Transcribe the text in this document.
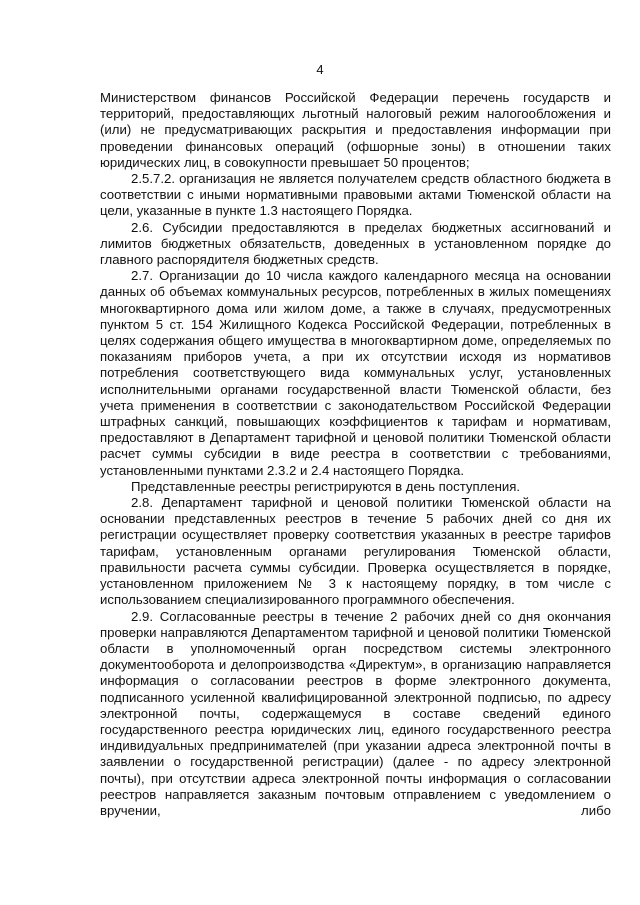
4

Министерством финансов Российской Федерации перечень государств и территорий, предоставляющих льготный налоговый режим налогообложения и (или) не предусматривающих раскрытия и предоставления информации при проведении финансовых операций (офшорные зоны) в отношении таких юридических лиц, в совокупности превышает 50 процентов;

2.5.7.2. организация не является получателем средств областного бюджета в соответствии с иными нормативными правовыми актами Тюменской области на цели, указанные в пункте 1.3 настоящего Порядка.

2.6. Субсидии предоставляются в пределах бюджетных ассигнований и лимитов бюджетных обязательств, доведенных в установленном порядке до главного распорядителя бюджетных средств.

2.7. Организации до 10 числа каждого календарного месяца на основании данных об объемах коммунальных ресурсов, потребленных в жилых помещениях многоквартирного дома или жилом доме, а также в случаях, предусмотренных пунктом 5 ст. 154 Жилищного Кодекса Российской Федерации, потребленных в целях содержания общего имущества в многоквартирном доме, определяемых по показаниям приборов учета, а при их отсутствии исходя из нормативов потребления соответствующего вида коммунальных услуг, установленных исполнительными органами государственной власти Тюменской области, без учета применения в соответствии с законодательством Российской Федерации штрафных санкций, повышающих коэффициентов к тарифам и нормативам, предоставляют в Департамент тарифной и ценовой политики Тюменской области расчет суммы субсидии в виде реестра в соответствии с требованиями, установленными пунктами 2.3.2 и 2.4 настоящего Порядка.

Представленные реестры регистрируются в день поступления.

2.8. Департамент тарифной и ценовой политики Тюменской области на основании представленных реестров в течение 5 рабочих дней со дня их регистрации осуществляет проверку соответствия указанных в реестре тарифов тарифам, установленным органами регулирования Тюменской области, правильности расчета суммы субсидии. Проверка осуществляется в порядке, установленном приложением № 3 к настоящему порядку, в том числе с использованием специализированного программного обеспечения.

2.9. Согласованные реестры в течение 2 рабочих дней со дня окончания проверки направляются Департаментом тарифной и ценовой политики Тюменской области в уполномоченный орган посредством системы электронного документооборота и делопроизводства «Директум», в организацию направляется информация о согласовании реестров в форме электронного документа, подписанного усиленной квалифицированной электронной подписью, по адресу электронной почты, содержащемуся в составе сведений единого государственного реестра юридических лиц, единого государственного реестра индивидуальных предпринимателей (при указании адреса электронной почты в заявлении о государственной регистрации) (далее - по адресу электронной почты), при отсутствии адреса электронной почты информация о согласовании реестров направляется заказным почтовым отправлением с уведомлением о вручении, либо
